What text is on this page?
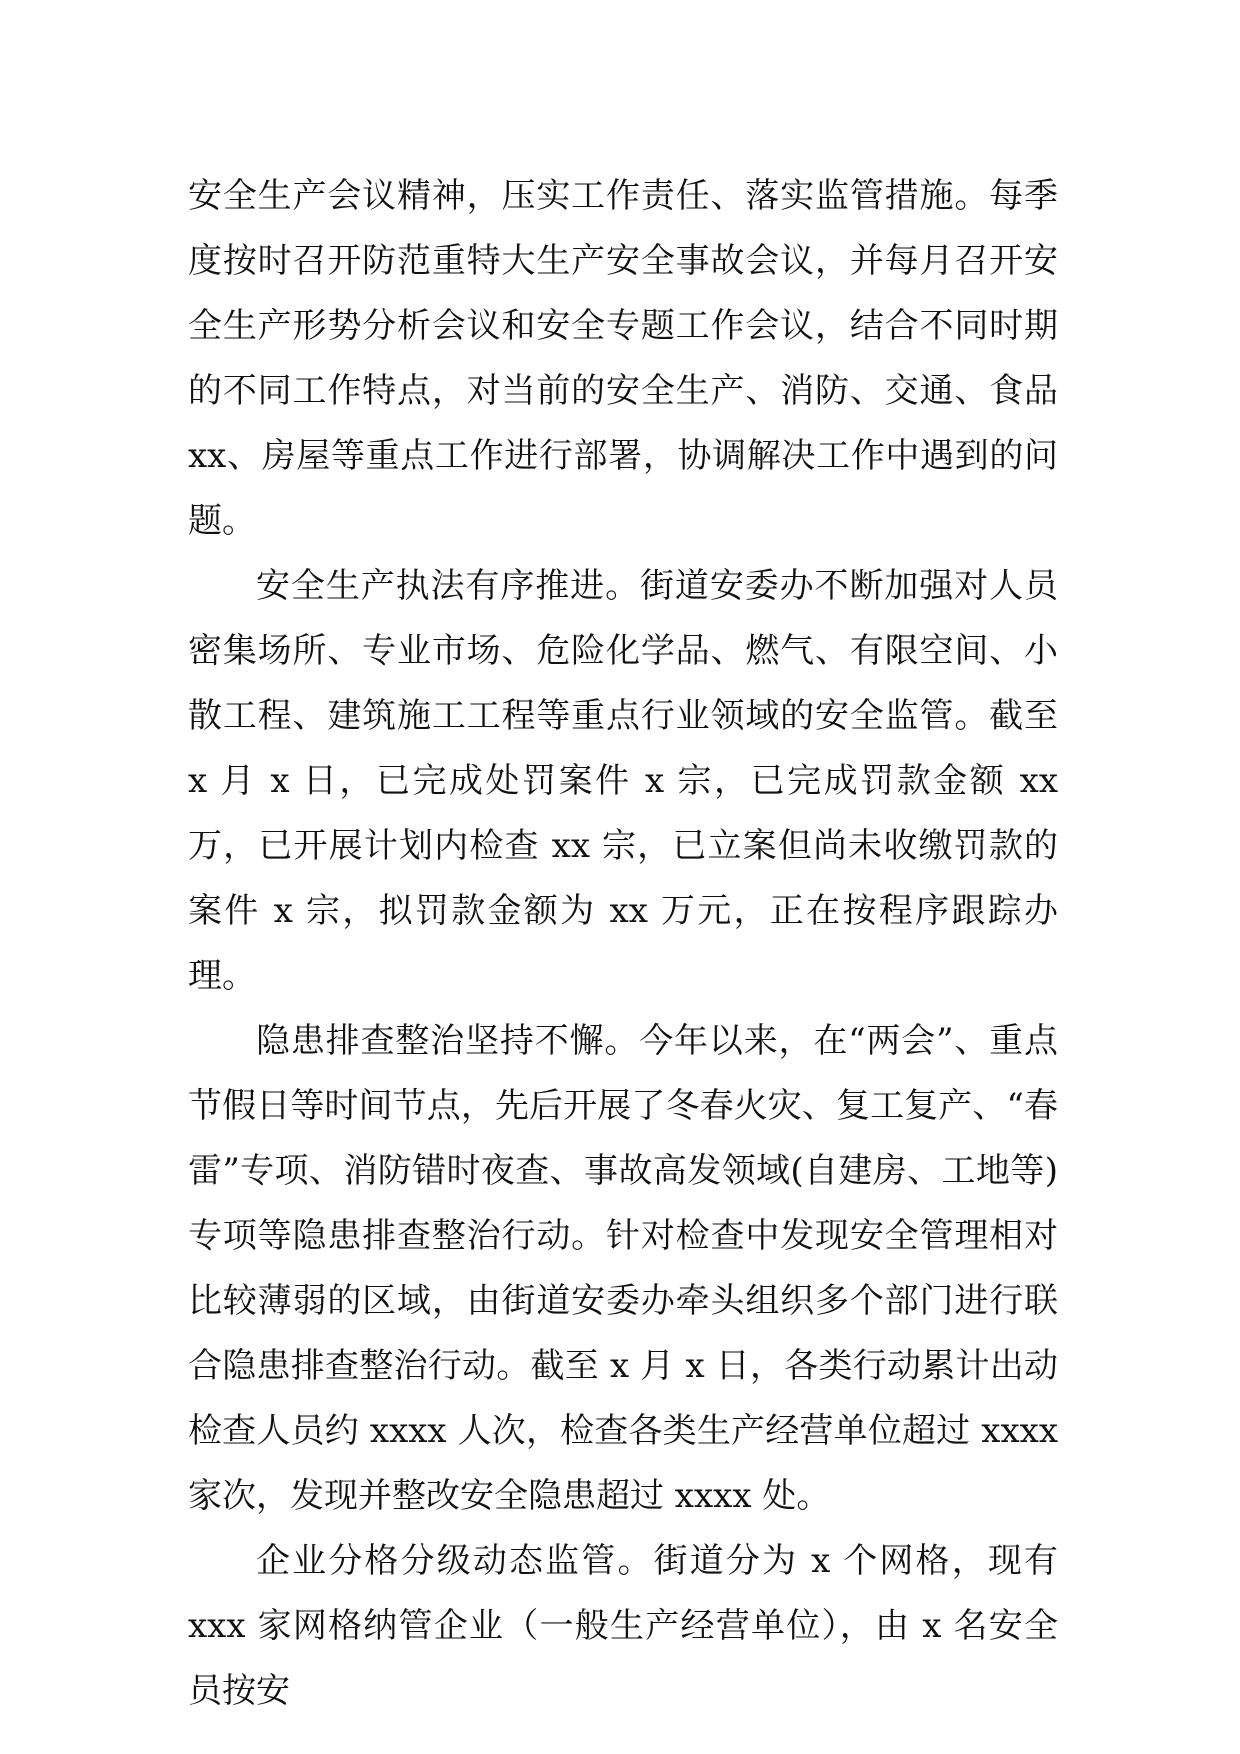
安全生产会议精神，压实工作责任、落实监管措施。每季度按时召开防范重特大生产安全事故会议，并每月召开安全生产形势分析会议和安全专题工作会议，结合不同时期的不同工作特点，对当前的安全生产、消防、交通、食品xx、房屋等重点工作进行部署，协调解决工作中遇到的问题。

安全生产执法有序推进。街道安委办不断加强对人员密集场所、专业市场、危险化学品、燃气、有限空间、小散工程、建筑施工工程等重点行业领域的安全监管。截至 x 月 x 日，已完成处罚案件 x 宗，已完成罚款金额 xx 万，已开展计划内检查 xx 宗，已立案但尚未收缴罚款的案件 x 宗，拟罚款金额为 xx 万元，正在按程序跟踪办理。

隐患排查整治坚持不懈。今年以来，在“两会”、重点节假日等时间节点，先后开展了冬春火灾、复工复产、“春雷”专项、消防错时夜查、事故高发领域(自建房、工地等)专项等隐患排查整治行动。针对检查中发现安全管理相对比较薄弱的区域，由街道安委办牵头组织多个部门进行联合隐患排查整治行动。截至 x 月 x 日，各类行动累计出动检查人员约 xxxx 人次，检查各类生产经营单位超过 xxxx 家次，发现并整改安全隐患超过 xxxx 处。

企业分格分级动态监管。街道分为 x 个网格，现有 xxx 家网格纳管企业（一般生产经营单位），由 x 名安全员按安
